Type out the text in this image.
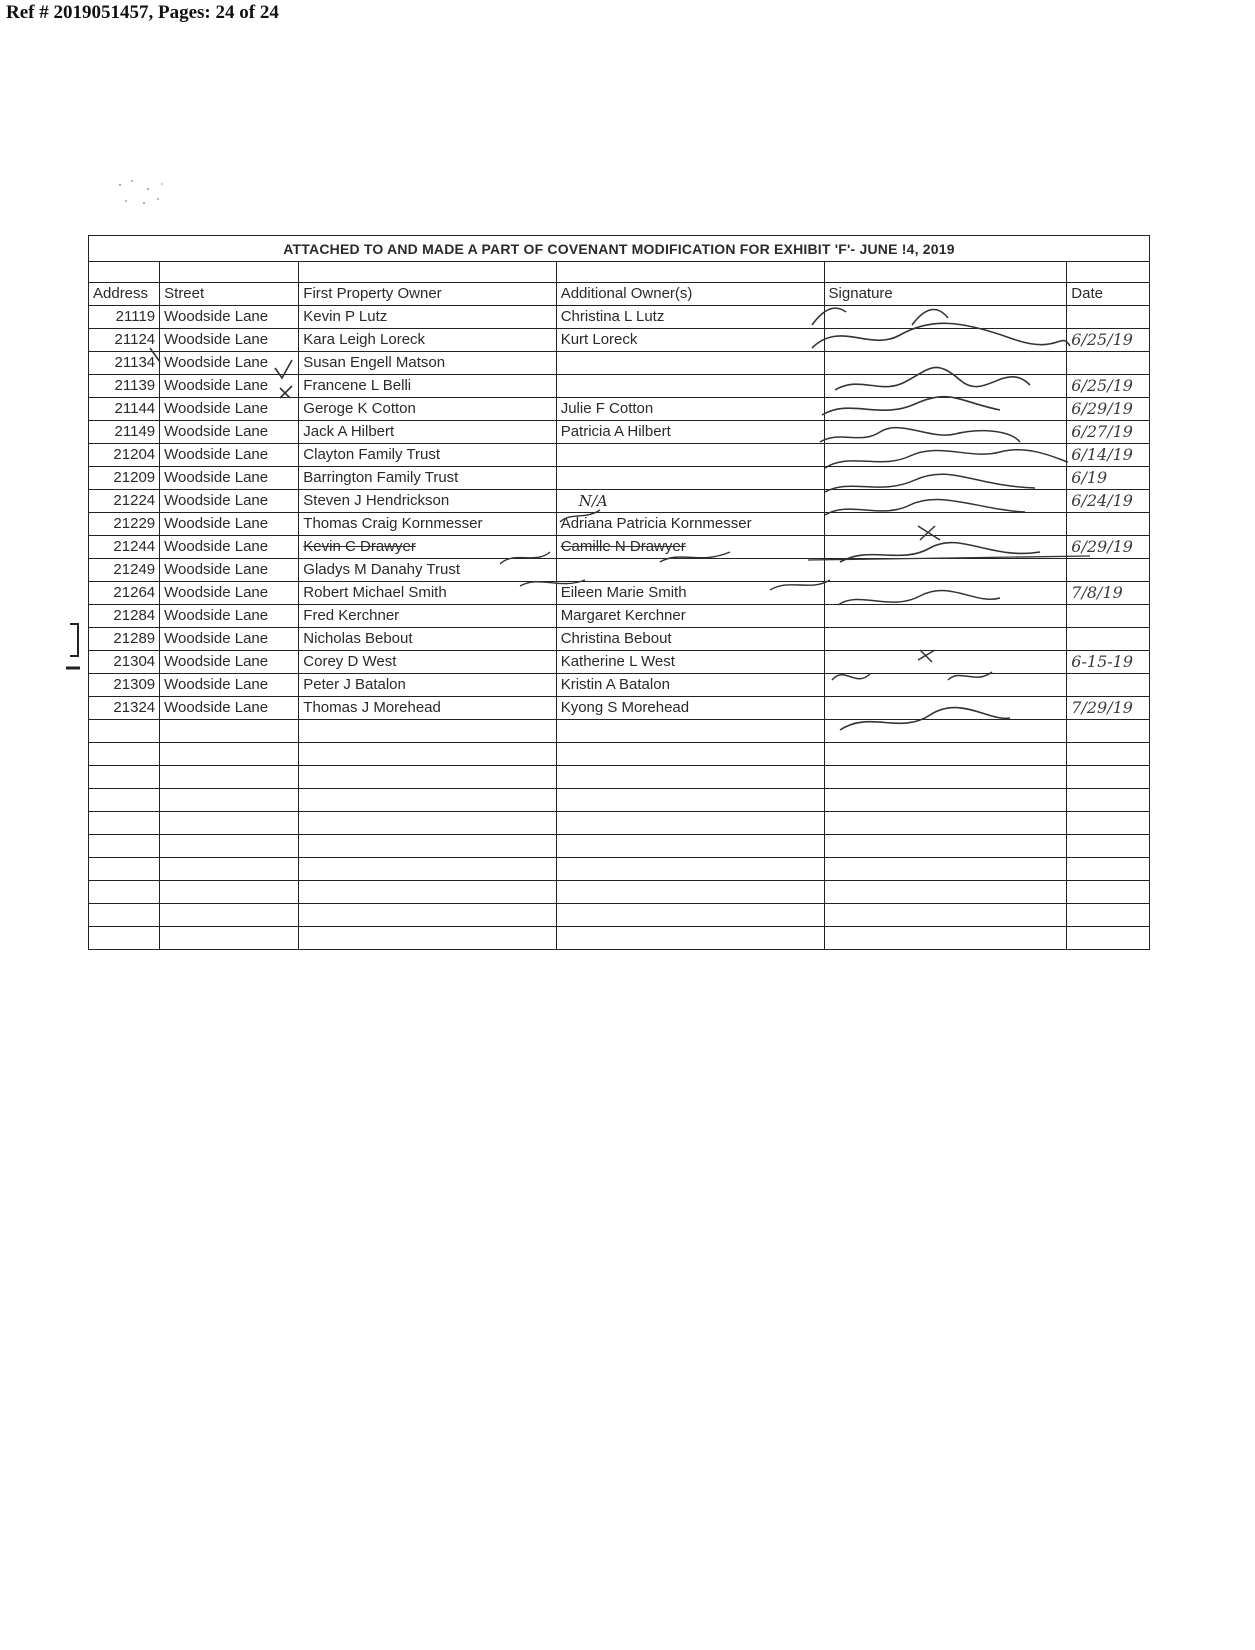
Ref # 2019051457, Pages: 24 of 24
ATTACHED TO AND MADE A PART OF COVENANT MODIFICATION FOR EXHIBIT 'F'- JUNE !4, 2019					

Address	Street	First Property Owner	Additional Owner(s)	Signature	Date
21119	Woodside Lane	Kevin P Lutz	Christina L Lutz		
21124	Woodside Lane	Kara Leigh Loreck	Kurt Loreck		6/25/19
21134	Woodside Lane	Susan Engell Matson			
21139	Woodside Lane	Francene L Belli			6/25/19
21144	Woodside Lane	Geroge K Cotton	Julie F Cotton		6/29/19
21149	Woodside Lane	Jack A Hilbert	Patricia A Hilbert		6/27/19
21204	Woodside Lane	Clayton Family Trust			6/14/19
21209	Woodside Lane	Barrington Family Trust			6/19
21224	Woodside Lane	Steven J Hendrickson	N/A		6/24/19
21229	Woodside Lane	Thomas Craig Kornmesser	Adriana Patricia Kornmesser		
21244	Woodside Lane	Kevin C Drawyer	Camille N Drawyer		6/29/19
21249	Woodside Lane	Gladys M Danahy Trust			
21264	Woodside Lane	Robert Michael Smith	Eileen Marie Smith		7/8/19
21284	Woodside Lane	Fred Kerchner	Margaret Kerchner		
21289	Woodside Lane	Nicholas Bebout	Christina Bebout		
21304	Woodside Lane	Corey D West	Katherine L West		6-15-19
21309	Woodside Lane	Peter J Batalon	Kristin A Batalon		
21324	Woodside Lane	Thomas J Morehead	Kyong S Morehead		7/29/19
